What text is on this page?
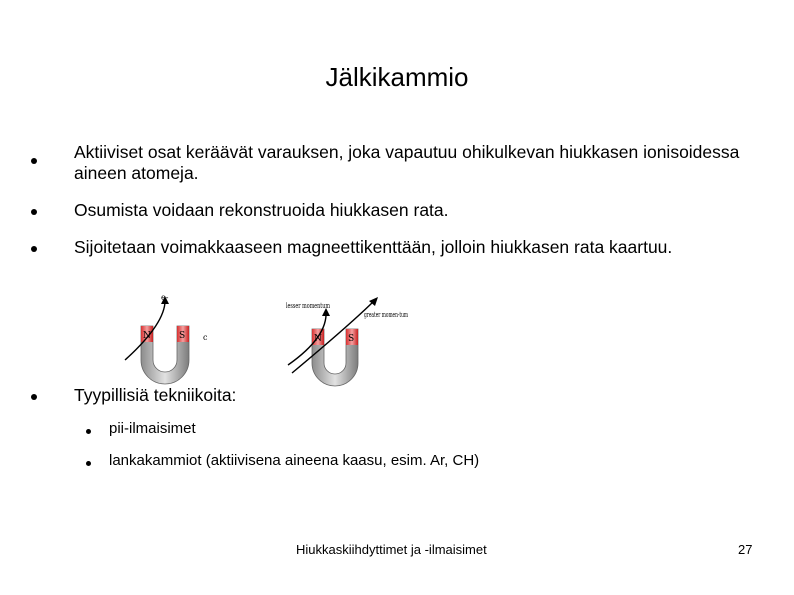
Jälkikammio
Aktiiviset osat keräävät varauksen, joka vapautuu ohikulkevan hiukkasen ionisoidessa aineen atomeja.
Osumista voidaan rekonstruoida hiukkasen rata.
Sijoitetaan voimakkaaseen magneettikenttään, jolloin hiukkasen rata kaartuu.
N	S
e-
c	N	S
lesser momentum
greater momen-tum
Tyypillisiä tekniikoita:
pii-ilmaisimet
lankakammiot (aktiivisena aineena kaasu, esim. Ar, CH)
Hiukkaskiihdyttimet ja -ilmaisimet	27
